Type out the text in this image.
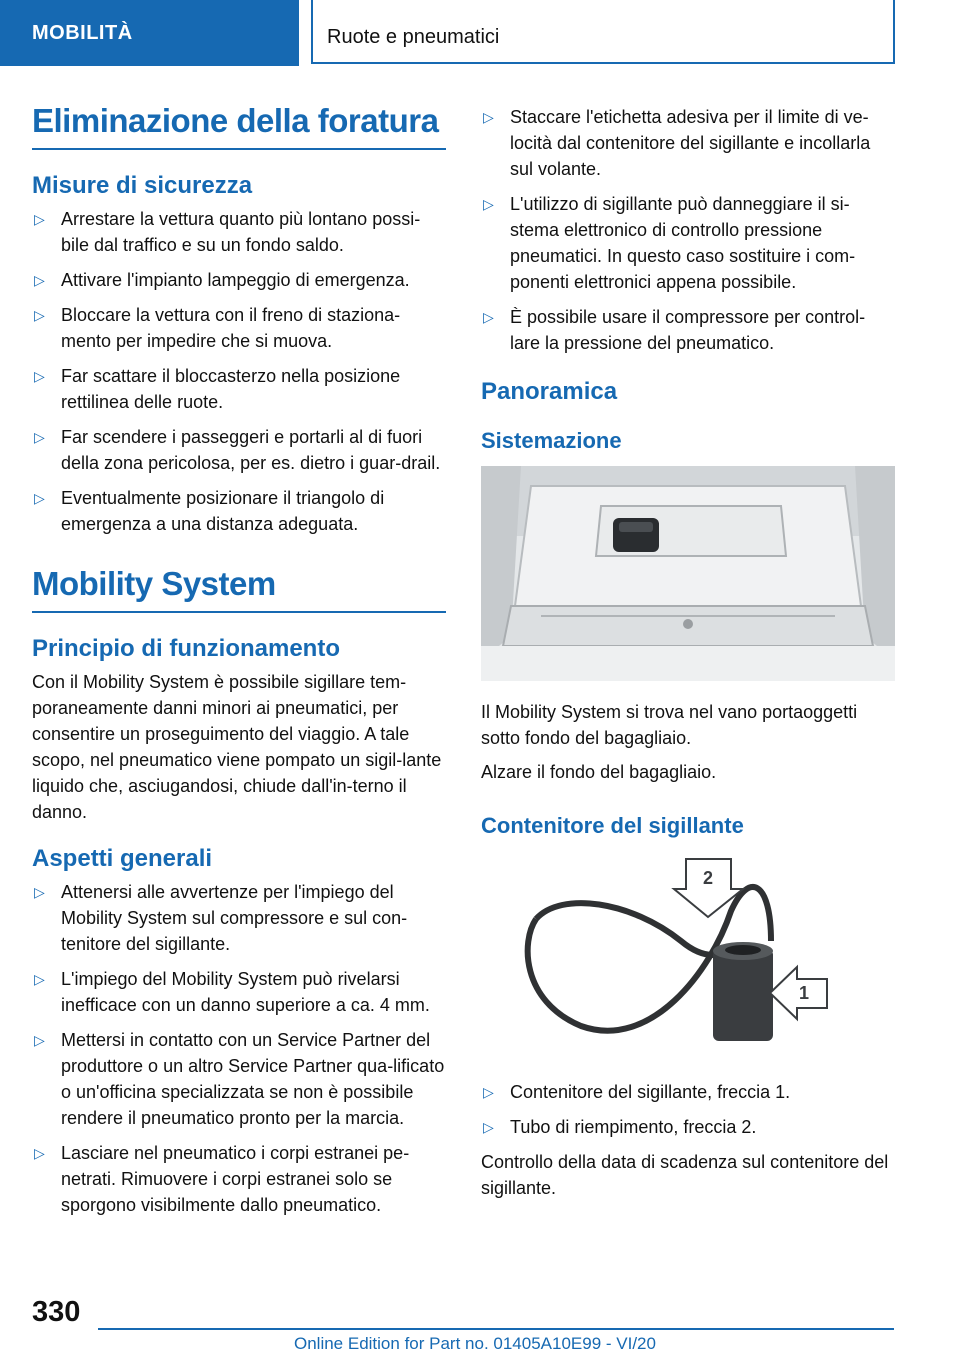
MOBILITÀ	Ruote e pneumatici
Eliminazione della foratura
Misure di sicurezza
▷ Arrestare la vettura quanto più lontano possi-bile dal traffico e su un fondo saldo.
▷ Attivare l'impianto lampeggio di emergenza.
▷ Bloccare la vettura con il freno di staziona-mento per impedire che si muova.
▷ Far scattare il bloccasterzo nella posizione rettilinea delle ruote.
▷ Far scendere i passeggeri e portarli al di fuori della zona pericolosa, per es. dietro i guar-drail.
▷ Eventualmente posizionare il triangolo di emergenza a una distanza adeguata.
Mobility System
Principio di funzionamento

Con il Mobility System è possibile sigillare tem-poraneamente danni minori ai pneumatici, per consentire un proseguimento del viaggio. A tale scopo, nel pneumatico viene pompato un sigil-lante liquido che, asciugandosi, chiude dall'in-terno il danno.

Aspetti generali
▷ Attenersi alle avvertenze per l'impiego del Mobility System sul compressore e sul con-tenitore del sigillante.
▷ L'impiego del Mobility System può rivelarsi inefficace con un danno superiore a ca. 4 mm.
▷ Mettersi in contatto con un Service Partner del produttore o un altro Service Partner qua-lificato o un'officina specializzata se non è possibile rendere il pneumatico pronto per la marcia.
▷ Lasciare nel pneumatico i corpi estranei pe-netrati. Rimuovere i corpi estranei solo se sporgono visibilmente dallo pneumatico.
▷ Staccare l'etichetta adesiva per il limite di ve-locità dal contenitore del sigillante e incollarla sul volante.
▷ L'utilizzo di sigillante può danneggiare il si-stema elettronico di controllo pressione pneumatici. In questo caso sostituire i com-ponenti elettronici appena possibile.
▷ È possibile usare il compressore per control-lare la pressione del pneumatico.
Panoramica
Sistemazione

Il Mobility System si trova nel vano portaoggetti sotto fondo del bagagliaio.

Alzare il fondo del bagagliaio.

Contenitore del sigillante
2
1
▷ Contenitore del sigillante, freccia 1.
▷ Tubo di riempimento, freccia 2.

Controllo della data di scadenza sul contenitore del sigillante.

330
Online Edition for Part no. 01405A10E99 - VI/20
